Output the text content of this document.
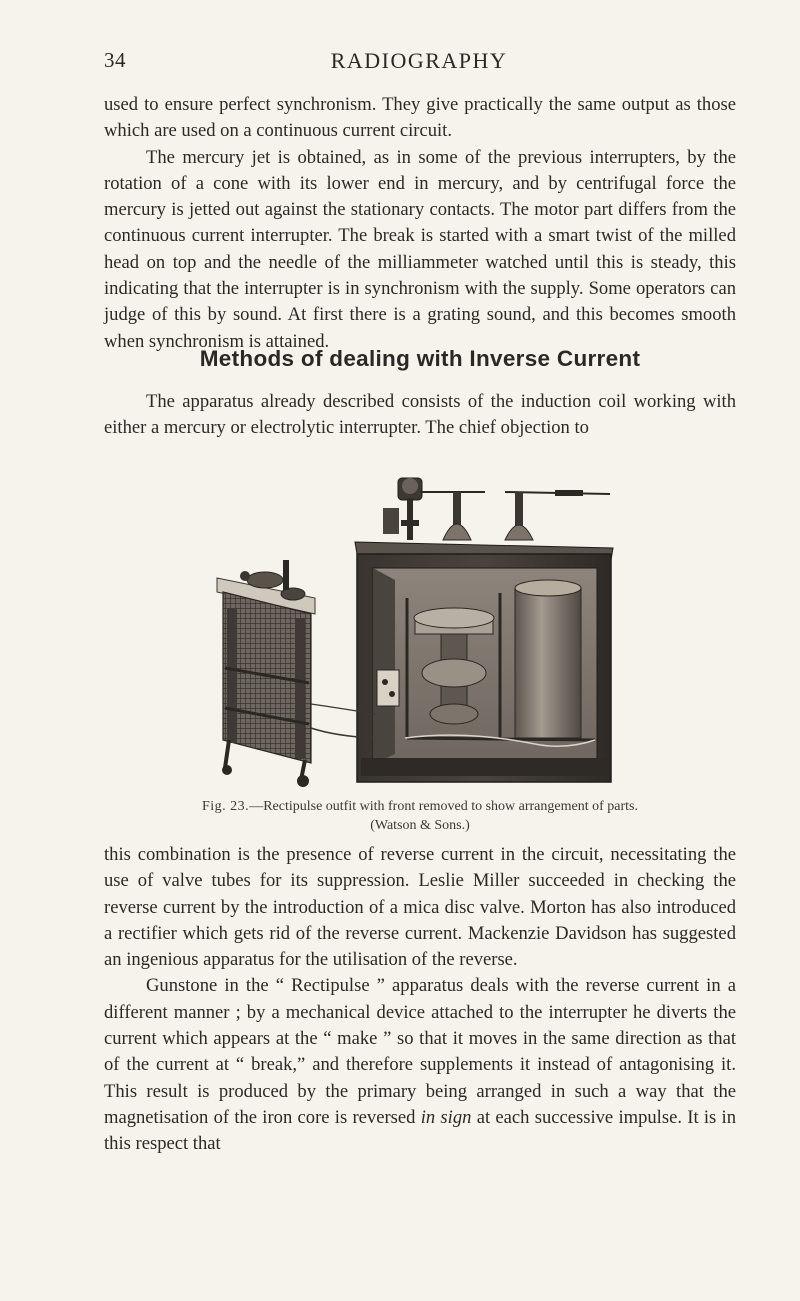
34	RADIOGRAPHY

used to ensure perfect synchronism. They give practically the same output as those which are used on a continuous current circuit.

The mercury jet is obtained, as in some of the previous interrupters, by the rotation of a cone with its lower end in mercury, and by centrifugal force the mercury is jetted out against the stationary contacts. The motor part differs from the continuous current interrupter. The break is started with a smart twist of the milled head on top and the needle of the milliammeter watched until this is steady, this indicating that the interrupter is in synchronism with the supply. Some operators can judge of this by sound. At first there is a grating sound, and this becomes smooth when synchronism is attained.

Methods of dealing with Inverse Current

The apparatus already described consists of the induction coil working with either a mercury or electrolytic interrupter. The chief objection to

Fig. 23.—Rectipulse outfit with front removed to show arrangement of parts.
(Watson & Sons.)

this combination is the presence of reverse current in the circuit, necessitating the use of valve tubes for its suppression. Leslie Miller succeeded in checking the reverse current by the introduction of a mica disc valve. Morton has also introduced a rectifier which gets rid of the reverse current. Mackenzie Davidson has suggested an ingenious apparatus for the utilisation of the reverse.

Gunstone in the “ Rectipulse ” apparatus deals with the reverse current in a different manner ; by a mechanical device attached to the interrupter he diverts the current which appears at the “ make ” so that it moves in the same direction as that of the current at “ break,” and therefore supplements it instead of antagonising it. This result is produced by the primary being arranged in such a way that the magnetisation of the iron core is reversed in sign at each successive impulse. It is in this respect that
